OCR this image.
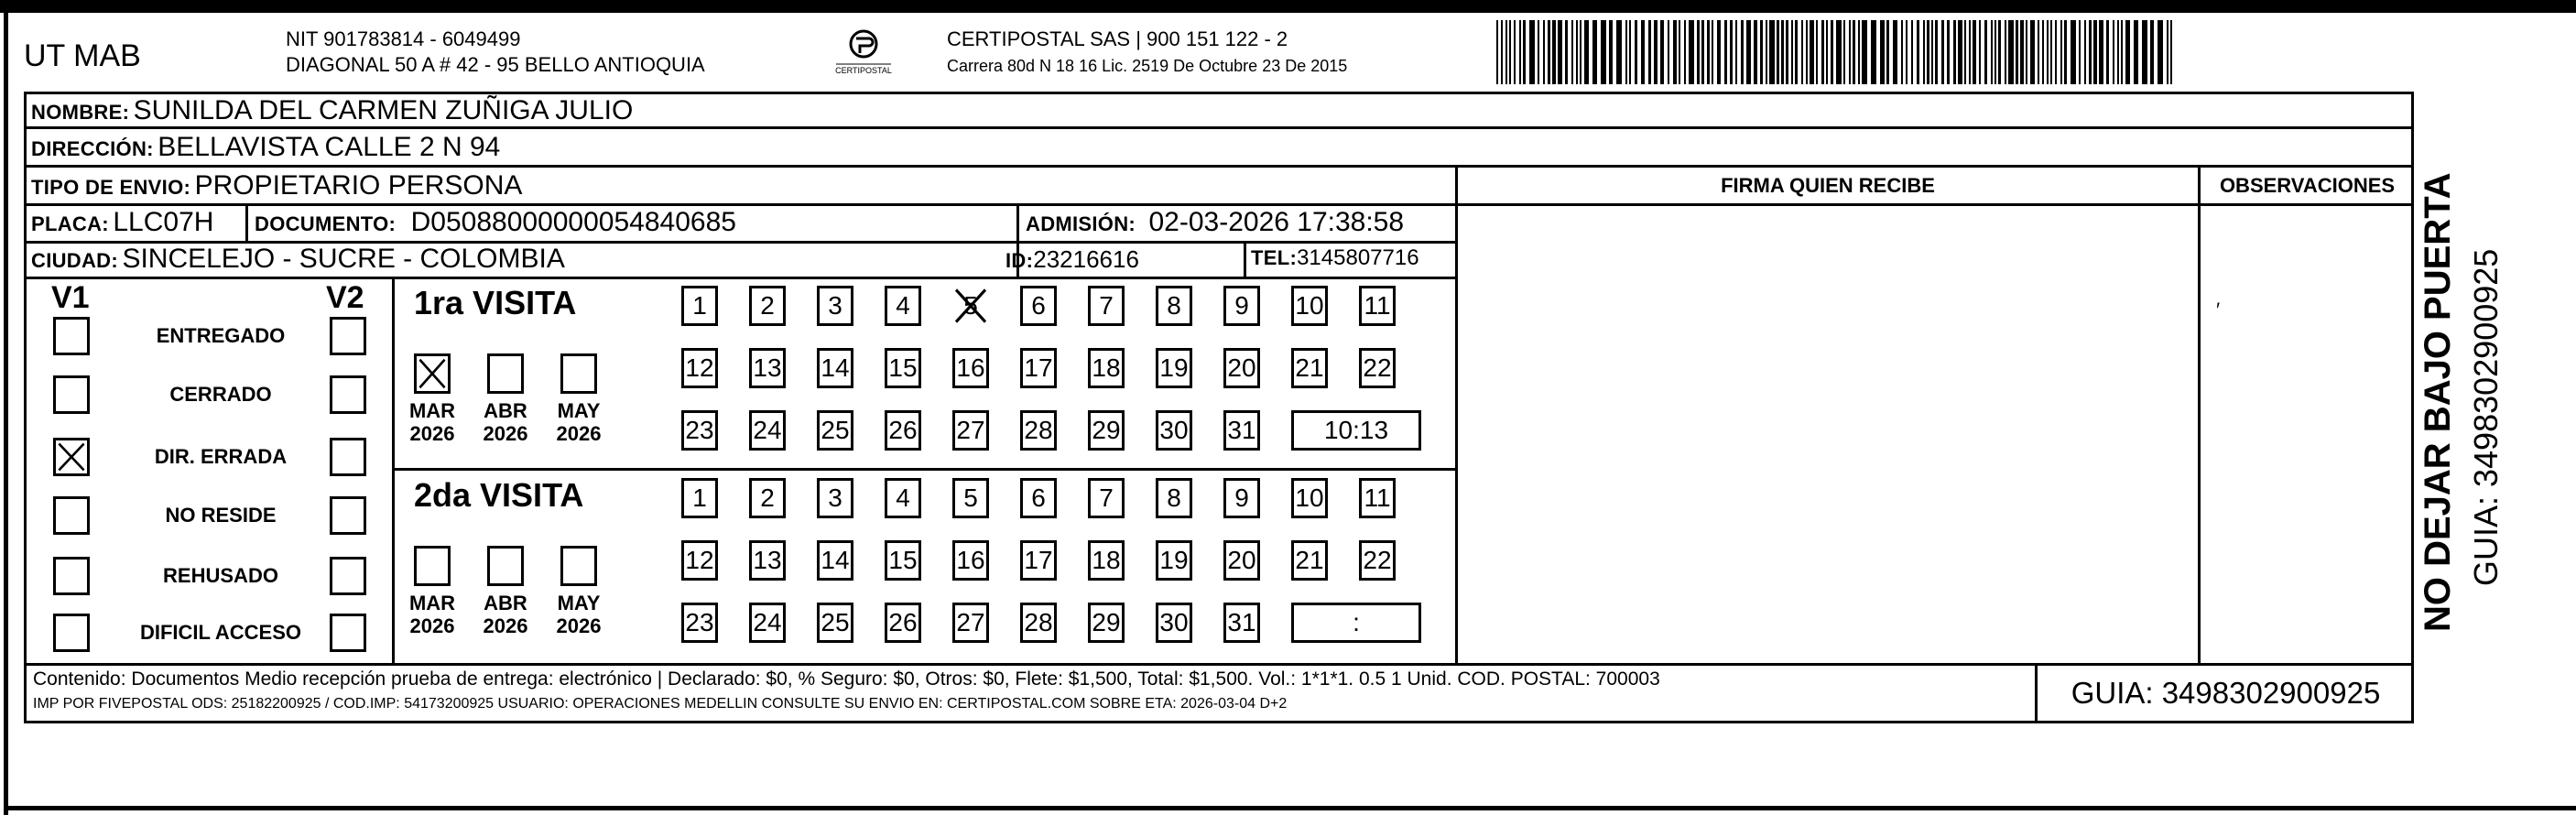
UT MAB	NIT 901783814 - 6049499
DIAGONAL 50 A # 42 - 95 BELLO ANTIOQUIA	CERTIPOSTAL
CERTIPOSTAL SAS | 900 151 122 - 2
Carrera 80d N 18 16 Lic. 2519 De Octubre 23 De 2015
NOMBRE: SUNILDA DEL CARMEN ZUÑIGA JULIO
DIRECCIÓN: BELLAVISTA CALLE 2 N 94
TIPO DE ENVIO: PROPIETARIO PERSONA	FIRMA QUIEN RECIBE	OBSERVACIONES
PLACA: LLC07H DOCUMENTO: D05088000000054840685	ADMISIÓN: 02-03-2026 17:38:58
CIUDAD: SINCELEJO - SUCRE - COLOMBIA	ID:23216616	TEL:3145807716
′
V1	V2
ENTREGADO
CERRADO
DIR. ERRADA
NO RESIDE
REHUSADO
DIFICIL ACCESO
1ra VISITA
MAR
2026
ABR
2026
MAY
2026
1	2	3	4	5	6	7	8	9	10 11
12 13 14 15 16 17 18 19 20 21 22
23 24 25 26 27 28 29 30 31	10:13
2da VISITA
MAR
2026
ABR
2026
MAY
2026
1	2	3	4	5	6	7	8	9	10 11
12 13 14 15 16 17 18 19 20 21 22
23 24 25 26 27 28 29 30 31	:
Contenido: Documentos Medio recepción prueba de entrega: electrónico | Declarado: $0, % Seguro: $0, Otros: $0, Flete: $1,500, Total: $1,500. Vol.: 1*1*1. 0.5 1 Unid. COD. POSTAL: 700003
IMP POR FIVEPOSTAL ODS: 25182200925 / COD.IMP: 54173200925 USUARIO: OPERACIONES MEDELLIN CONSULTE SU ENVIO EN: CERTIPOSTAL.COM SOBRE ETA: 2026-03-04 D+2	GUIA: 3498302900925
NO DEJAR BAJO PUERTA GUIA: 3498302900925
